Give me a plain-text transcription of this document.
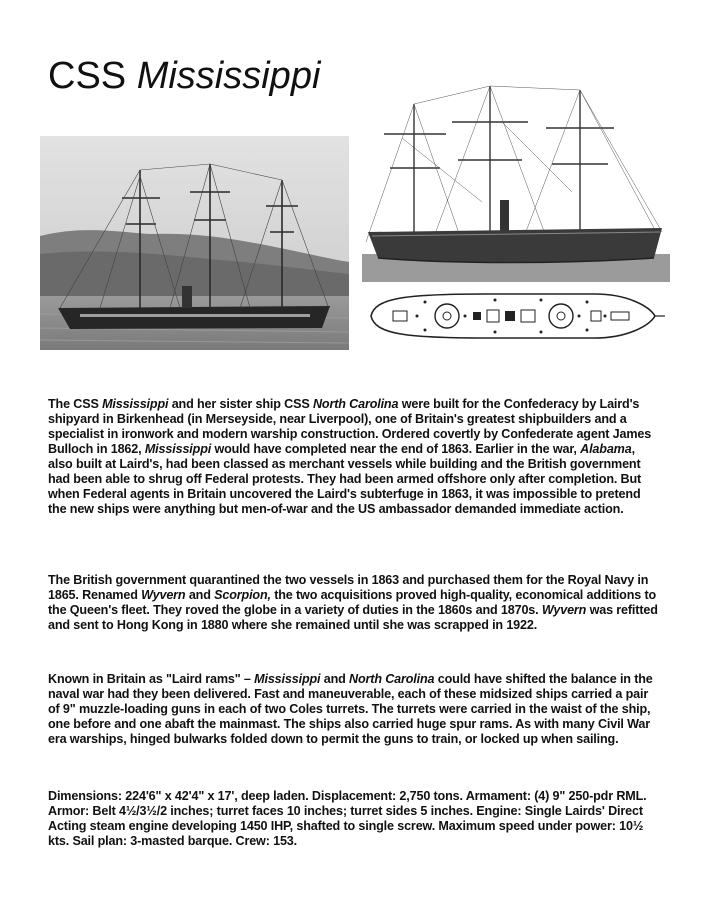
CSS Mississippi

The CSS Mississippi and her sister ship CSS North Carolina were built for the Confederacy by Laird's shipyard in Birkenhead (in Merseyside, near Liverpool), one of Britain's greatest shipbuilders and a specialist in ironwork and modern warship construction. Ordered covertly by Confederate agent James Bulloch in 1862, Mississippi would have completed near the end of 1863. Earlier in the war, Alabama, also built at Laird's, had been classed as merchant vessels while building and the British government had been able to shrug off Federal protests. They had been armed offshore only after completion. But when Federal agents in Britain uncovered the Laird's subterfuge in 1863, it was impossible to pretend the new ships were anything but men-of-war and the US ambassador demanded immediate action.

The British government quarantined the two vessels in 1863 and purchased them for the Royal Navy in 1865. Renamed Wyvern and Scorpion, the two acquisitions proved high-quality, economical additions to the Queen's fleet. They roved the globe in a variety of duties in the 1860s and 1870s. Wyvern was refitted and sent to Hong Kong in 1880 where she remained until she was scrapped in 1922.

Known in Britain as "Laird rams" – Mississippi and North Carolina could have shifted the balance in the naval war had they been delivered. Fast and maneuverable, each of these midsized ships carried a pair of 9" muzzle-loading guns in each of two Coles turrets. The turrets were carried in the waist of the ship, one before and one abaft the mainmast. The ships also carried huge spur rams. As with many Civil War era warships, hinged bulwarks folded down to permit the guns to train, or locked up when sailing.

Dimensions: 224'6" x 42'4" x 17', deep laden. Displacement: 2,750 tons. Armament: (4) 9" 250-pdr RML. Armor: Belt 4½/3½/2 inches; turret faces 10 inches; turret sides 5 inches. Engine: Single Lairds' Direct Acting steam engine developing 1450 IHP, shafted to single screw. Maximum speed under power: 10½ kts. Sail plan: 3-masted barque. Crew: 153.
